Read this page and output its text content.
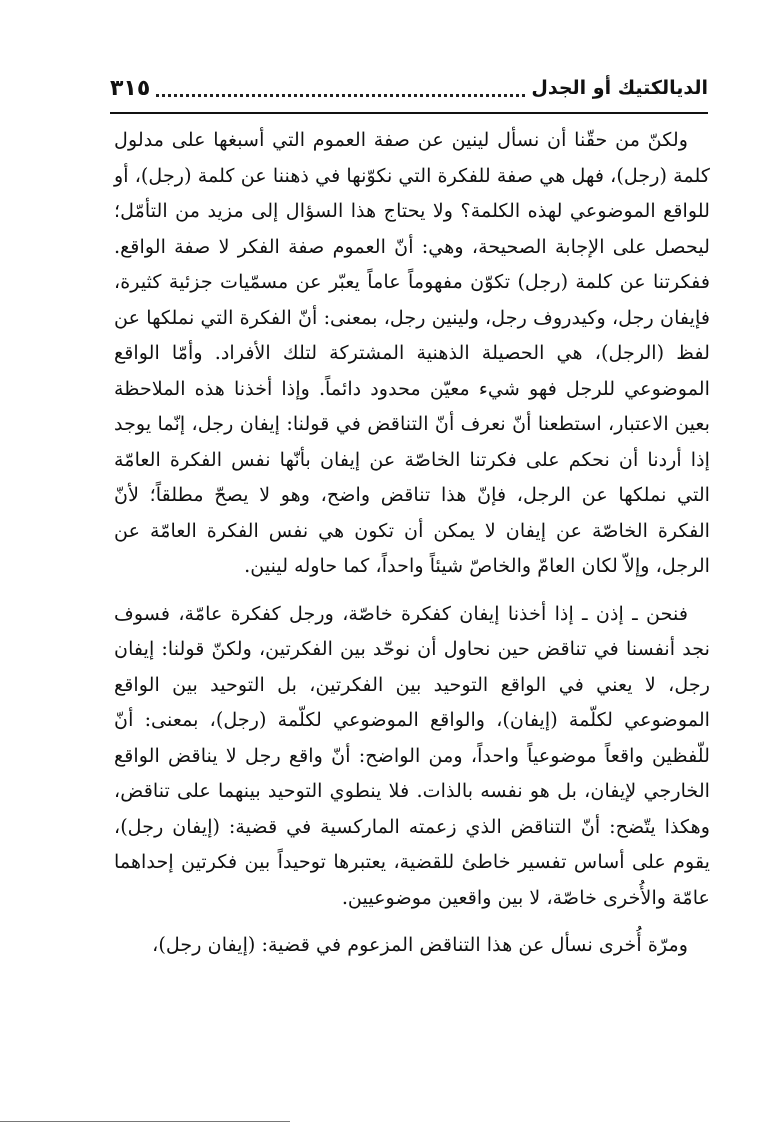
الديالكتيك أو الجدل
٣١٥

ولكنّ من حقّنا أن نسأل لينين عن صفة العموم التي أسبغها على مدلول كلمة (رجل)، فهل هي صفة للفكرة التي نكوّنها في ذهننا عن كلمة (رجل)، أو للواقع الموضوعي لهذه الكلمة؟ ولا يحتاج هذا السؤال إلى مزيد من التأمّل؛ ليحصل على الإجابة الصحيحة، وهي: أنّ العموم صفة الفكر لا صفة الواقع. ففكرتنا عن كلمة (رجل) تكوّن مفهوماً عاماً يعبّر عن مسمّيات جزئية كثيرة، فإيفان رجل، وكيدروف رجل، ولينين رجل، بمعنى: أنّ الفكرة التي نملكها عن لفظ (الرجل)، هي الحصيلة الذهنية المشتركة لتلك الأفراد. وأمّا الواقع الموضوعي للرجل فهو شيء معيّن محدود دائماً. وإذا أخذنا هذه الملاحظة بعين الاعتبار، استطعنا أنّ نعرف أنّ التناقض في قولنا: إيفان رجل، إنّما يوجد إذا أردنا أن نحكم على فكرتنا الخاصّة عن إيفان بأنّها نفس الفكرة العامّة التي نملكها عن الرجل، فإنّ هذا تناقض واضح، وهو لا يصحّ مطلقاً؛ لأنّ الفكرة الخاصّة عن إيفان لا يمكن أن تكون هي نفس الفكرة العامّة عن الرجل، وإلاّ لكان العامّ والخاصّ شيئاً واحداً، كما حاوله لينين.

فنحن ـ إذن ـ إذا أخذنا إيفان كفكرة خاصّة، ورجل كفكرة عامّة، فسوف نجد أنفسنا في تناقض حين نحاول أن نوحّد بين الفكرتين، ولكنّ قولنا: إيفان رجل، لا يعني في الواقع التوحيد بين الفكرتين، بل التوحيد بين الواقع الموضوعي لكلّمة (إيفان)، والواقع الموضوعي لكلّمة (رجل)، بمعنى: أنّ للّفظين واقعاً موضوعياً واحداً، ومن الواضح: أنّ واقع رجل لا يناقض الواقع الخارجي لإيفان، بل هو نفسه بالذات. فلا ينطوي التوحيد بينهما على تناقض، وهكذا يتّضح: أنّ التناقض الذي زعمته الماركسية في قضية: (إيفان رجل)، يقوم على أساس تفسير خاطئ للقضية، يعتبرها توحيداً بين فكرتين إحداهما عامّة والأُخرى خاصّة، لا بين واقعين موضوعيين.

ومرّة أُخرى نسأل عن هذا التناقض المزعوم في قضية: (إيفان رجل)،
